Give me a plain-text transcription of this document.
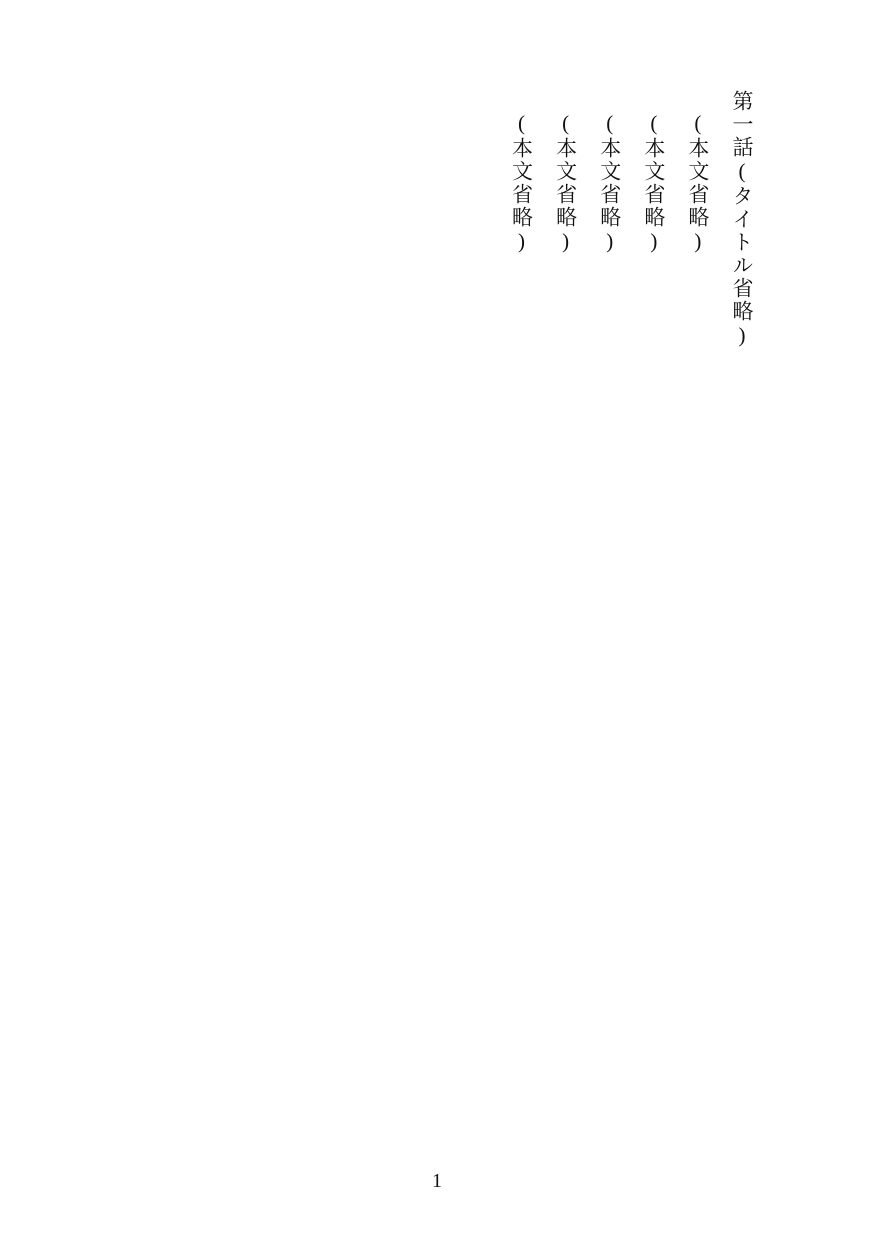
第一話(タイトル省略)

(本文省略)

(本文省略)

(本文省略)

(本文省略)

(本文省略)

1
